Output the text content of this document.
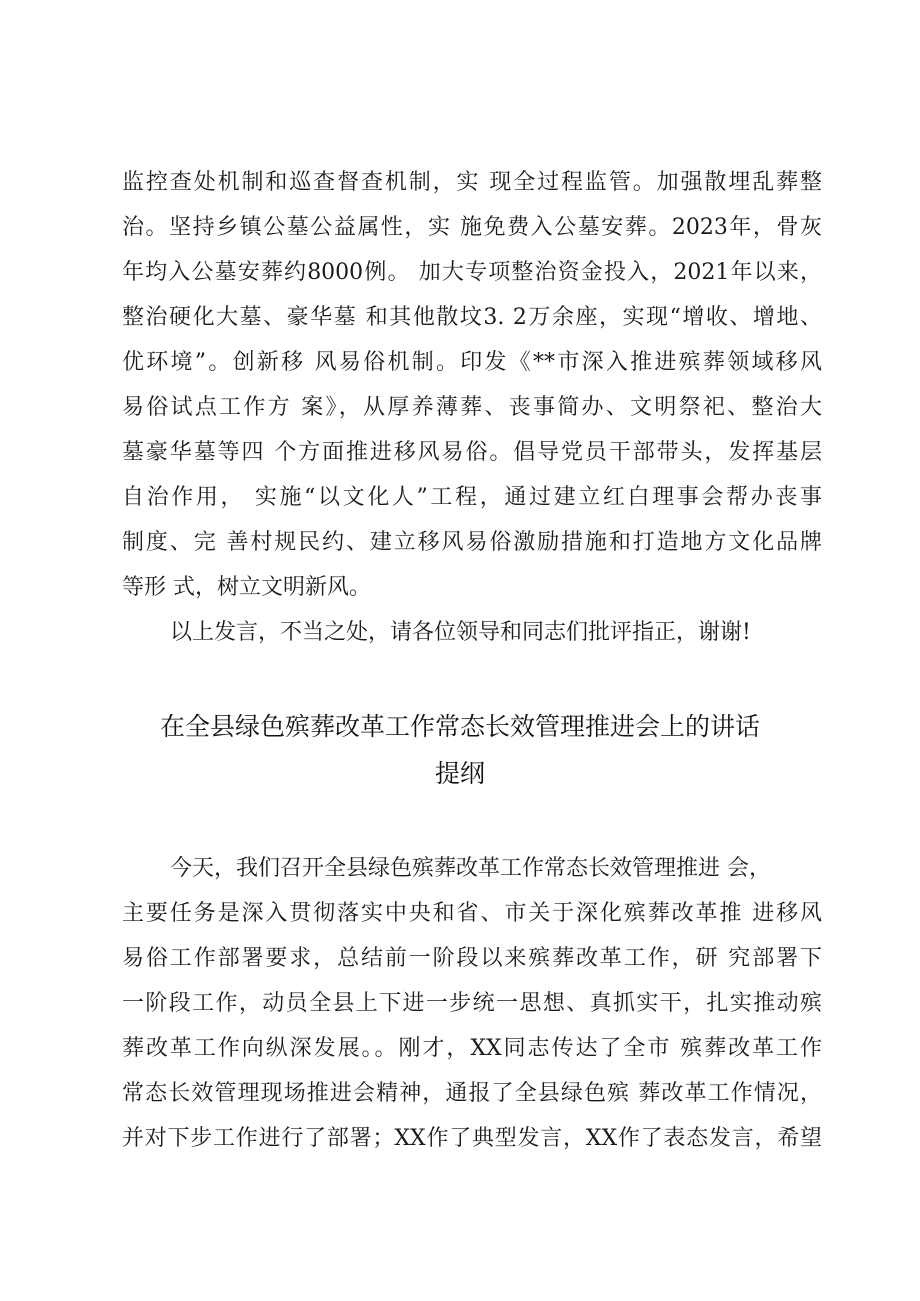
监控查处机制和巡查督查机制，实 现全过程监管。加强散埋乱葬整
治。坚持乡镇公墓公益属性，实 施免费入公墓安葬。2023年，骨灰
年均入公墓安葬约8000例。 加大专项整治资金投入，2021年以来，
整治硬化大墓、豪华墓 和其他散坟3. 2万余座，实现“增收、增地、
优环境”。创新移 风易俗机制。印发《**市深入推进殡葬领域移风
易俗试点工作方 案》，从厚养薄葬、丧事简办、文明祭祀、整治大
墓豪华墓等四 个方面推进移风易俗。倡导党员干部带头，发挥基层
自治作用， 实施“以文化人”工程，通过建立红白理事会帮办丧事
制度、完 善村规民约、建立移风易俗激励措施和打造地方文化品牌
等形 式，树立文明新风。
以上发言，不当之处，请各位领导和同志们批评指正，谢谢!
在全县绿色殡葬改革工作常态长效管理推进会上的讲话
提纲
今天，我们召开全县绿色殡葬改革工作常态长效管理推进 会，
主要任务是深入贯彻落实中央和省、市关于深化殡葬改革推 进移风
易俗工作部署要求，总结前一阶段以来殡葬改革工作，研 究部署下
一阶段工作，动员全县上下进一步统一思想、真抓实干，扎实推动殡
葬改革工作向纵深发展。。刚才，XX同志传达了全市 殡葬改革工作
常态长效管理现场推进会精神，通报了全县绿色殡 葬改革工作情况，
并对下步工作进行了部署；XX作了典型发言，XX作了表态发言，希望
